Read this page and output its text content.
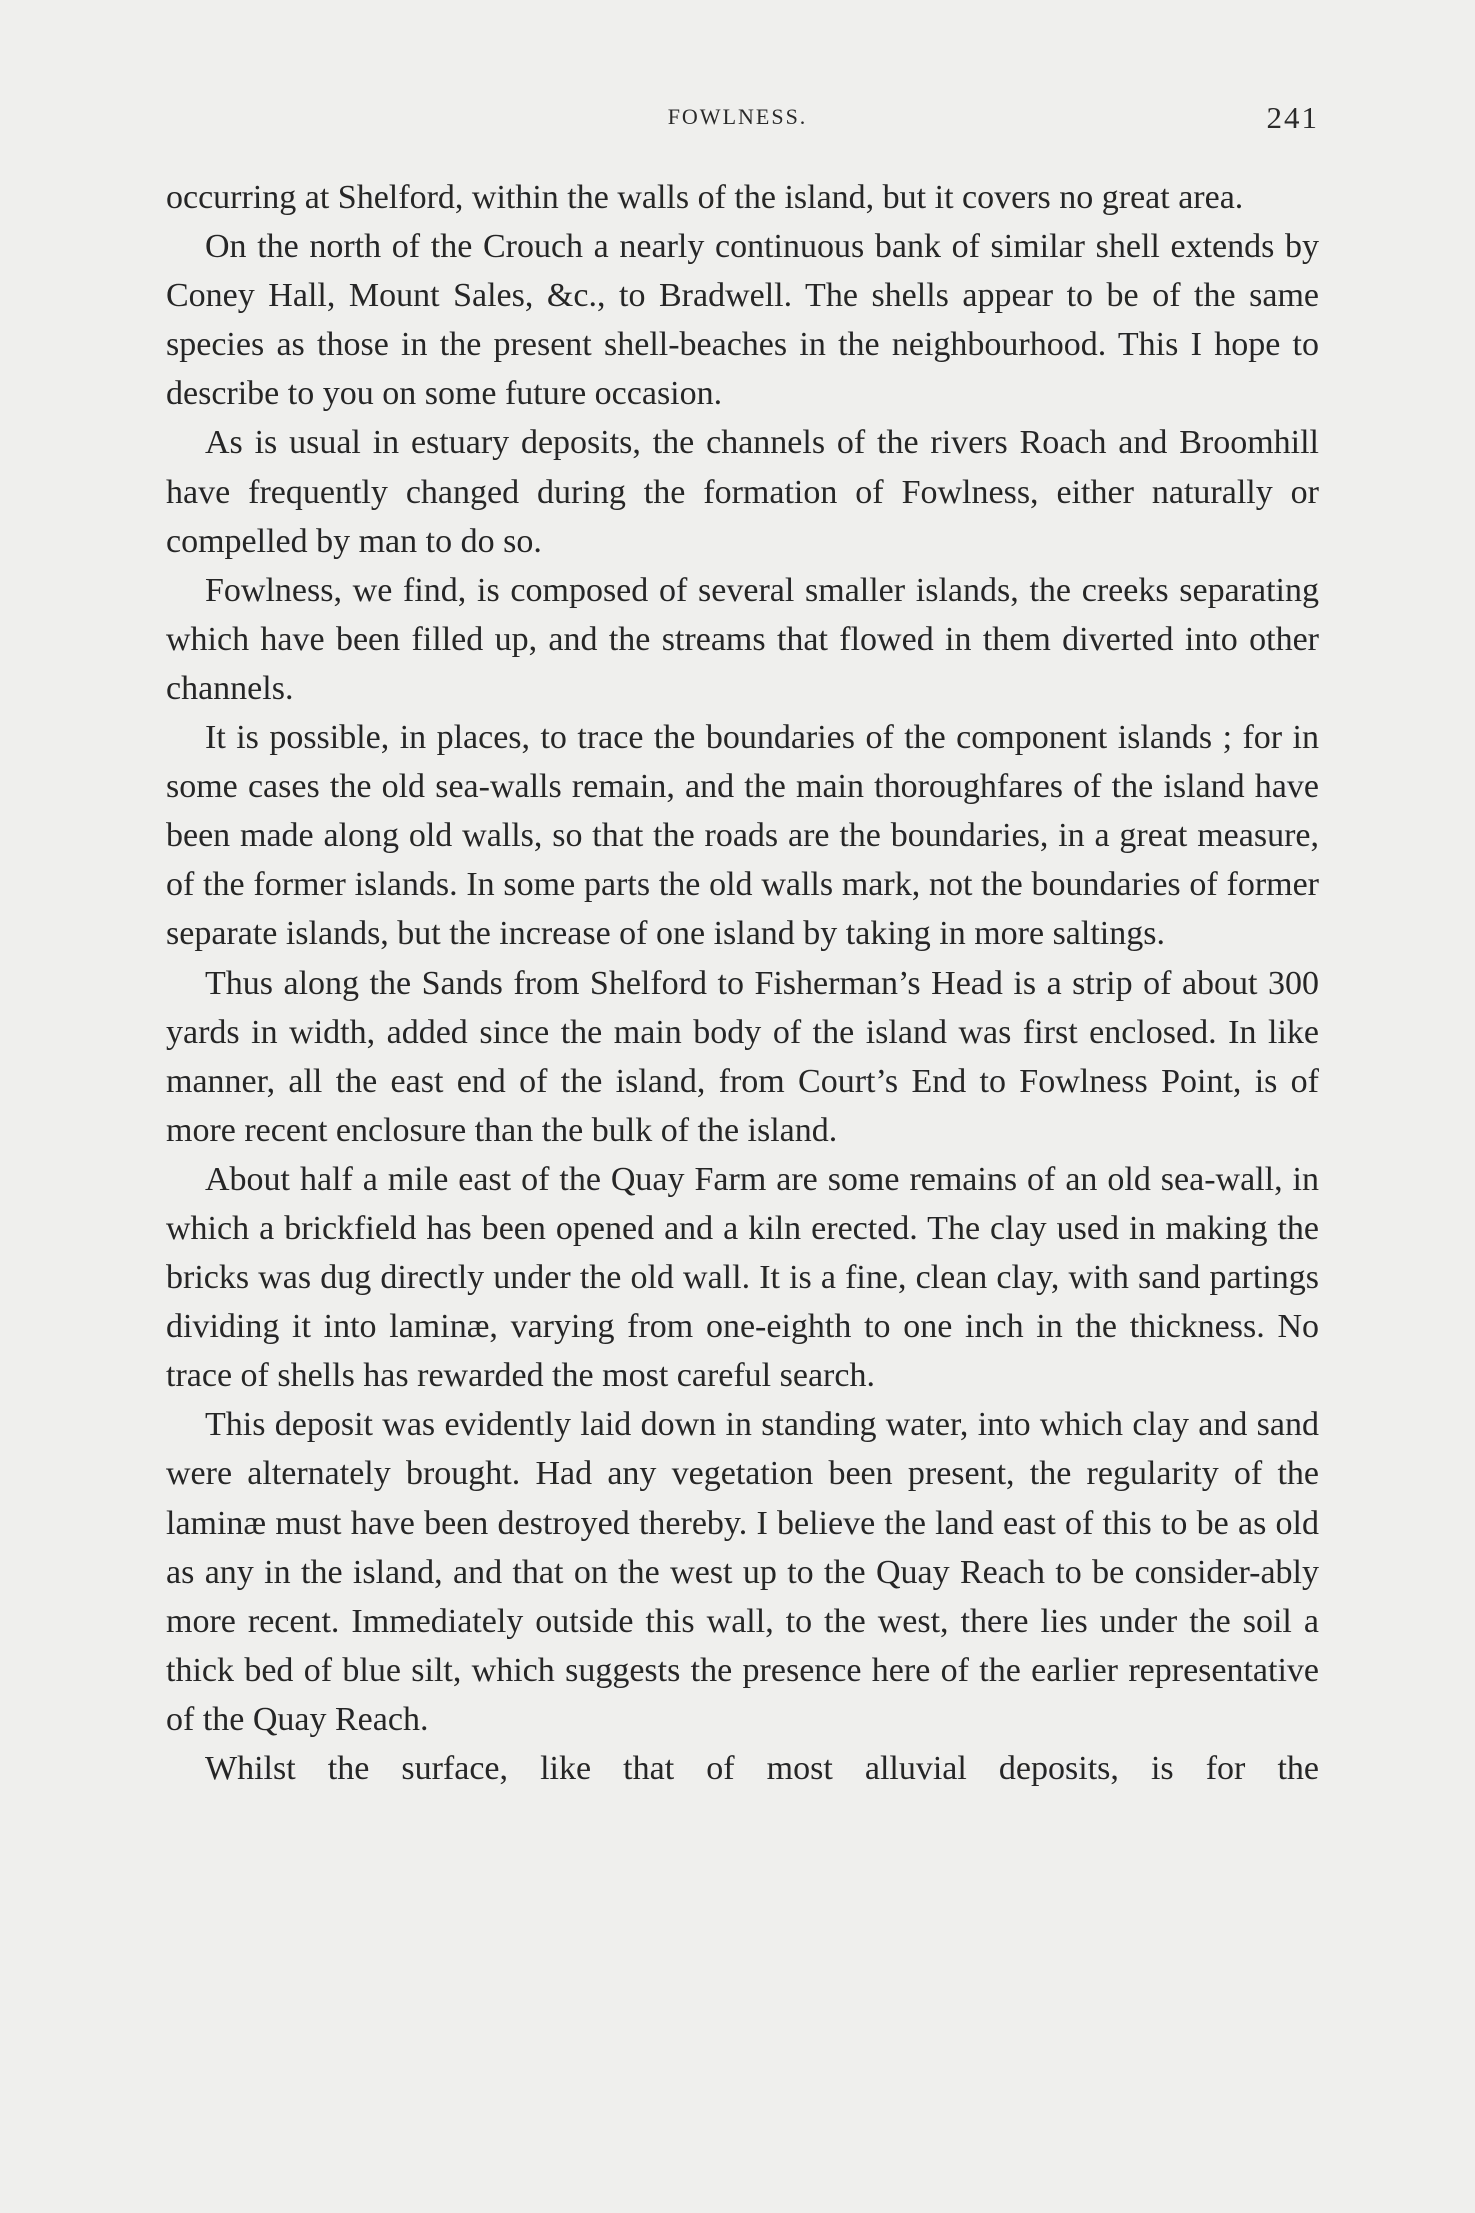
FOWLNESS.	241

occurring at Shelford, within the walls of the island, but it covers no great area.

On the north of the Crouch a nearly continuous bank of similar shell extends by Coney Hall, Mount Sales, &c., to Bradwell. The shells appear to be of the same species as those in the present shell-beaches in the neighbourhood. This I hope to describe to you on some future occasion.

As is usual in estuary deposits, the channels of the rivers Roach and Broomhill have frequently changed during the formation of Fowlness, either naturally or compelled by man to do so.

Fowlness, we find, is composed of several smaller islands, the creeks separating which have been filled up, and the streams that flowed in them diverted into other channels.

It is possible, in places, to trace the boundaries of the component islands ; for in some cases the old sea-walls remain, and the main thoroughfares of the island have been made along old walls, so that the roads are the boundaries, in a great measure, of the former islands. In some parts the old walls mark, not the boundaries of former separate islands, but the increase of one island by taking in more saltings.

Thus along the Sands from Shelford to Fisherman’s Head is a strip of about 300 yards in width, added since the main body of the island was first enclosed. In like manner, all the east end of the island, from Court’s End to Fowlness Point, is of more recent enclosure than the bulk of the island.

About half a mile east of the Quay Farm are some remains of an old sea-wall, in which a brickfield has been opened and a kiln erected. The clay used in making the bricks was dug directly under the old wall. It is a fine, clean clay, with sand partings dividing it into laminæ, varying from one-eighth to one inch in the thickness. No trace of shells has rewarded the most careful search.

This deposit was evidently laid down in standing water, into which clay and sand were alternately brought. Had any vegetation been present, the regularity of the laminæ must have been destroyed thereby. I believe the land east of this to be as old as any in the island, and that on the west up to the Quay Reach to be consider-ably more recent. Immediately outside this wall, to the west, there lies under the soil a thick bed of blue silt, which suggests the presence here of the earlier representative of the Quay Reach.

Whilst the surface, like that of most alluvial deposits, is for the
